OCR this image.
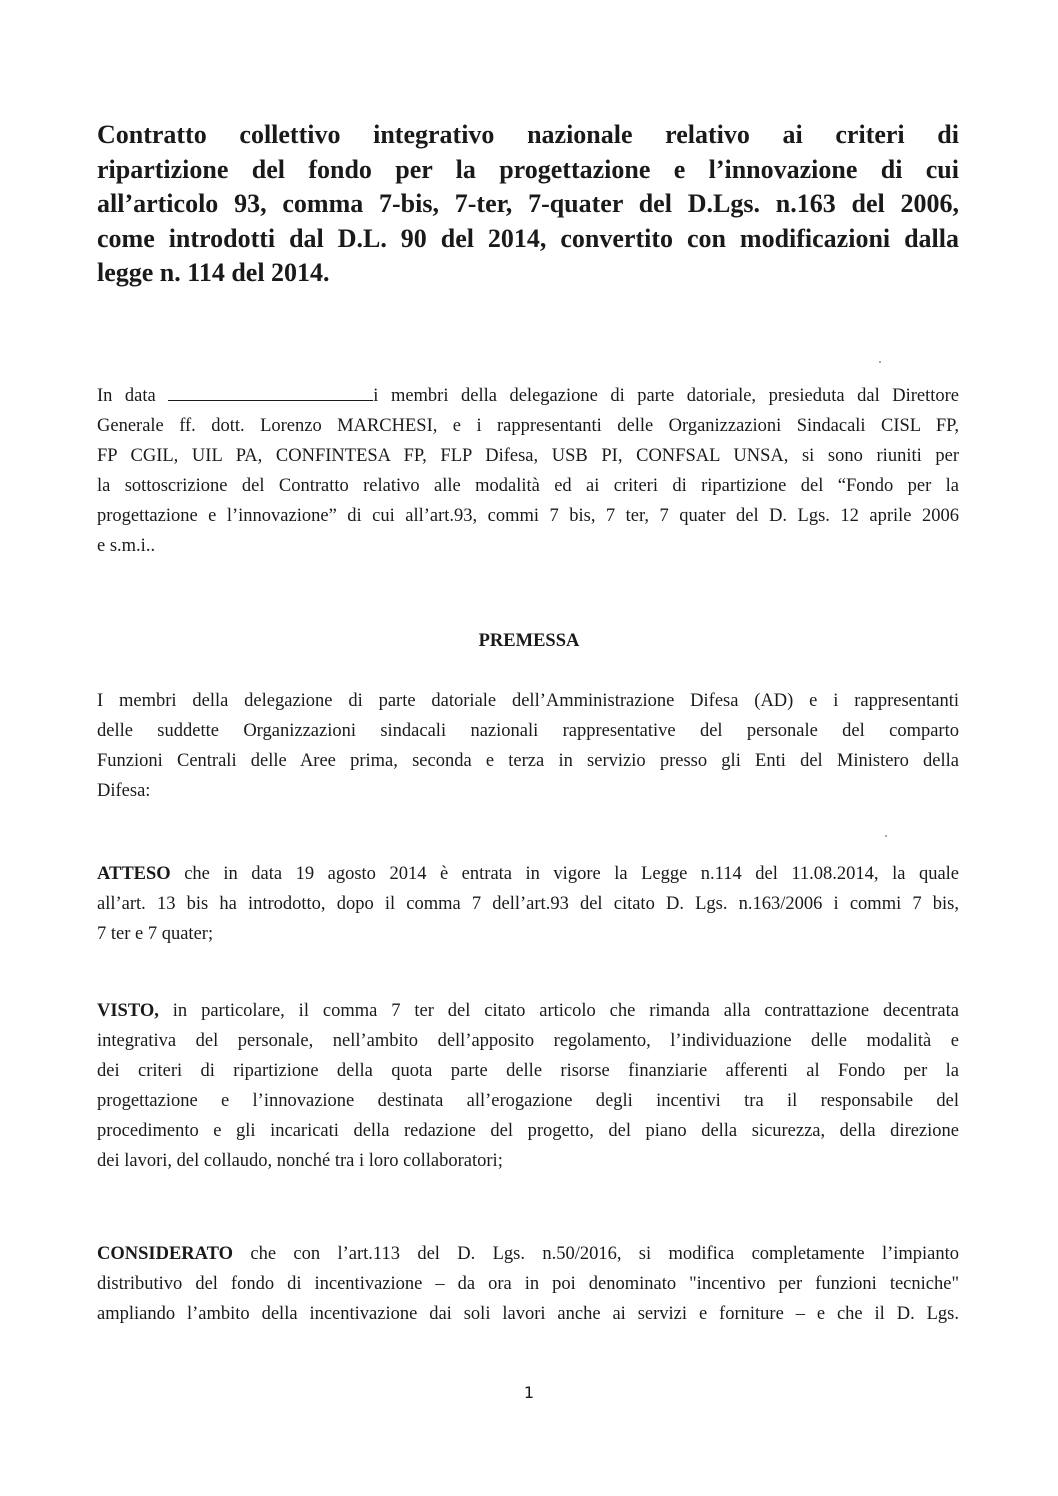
Contratto collettivo integrativo nazionale relativo ai criteri di
ripartizione del fondo per la progettazione e l’innovazione di cui
all’articolo 93, comma 7-bis, 7-ter, 7-quater del D.Lgs. n.163 del 2006,
come introdotti dal D.L. 90 del 2014, convertito con modificazioni dalla
legge n. 114 del 2014.
In data	i membri della delegazione di parte datoriale, presieduta dal Direttore
Generale ff. dott. Lorenzo MARCHESI, e i rappresentanti delle Organizzazioni Sindacali CISL FP,
FP CGIL, UIL PA, CONFINTESA FP, FLP Difesa, USB PI, CONFSAL UNSA, si sono riuniti per
la sottoscrizione del Contratto relativo alle modalità ed ai criteri di ripartizione del “Fondo per la
progettazione e l’innovazione” di cui all’art.93, commi 7 bis, 7 ter, 7 quater del D. Lgs. 12 aprile 2006
e s.m.i..
PREMESSA
I membri della delegazione di parte datoriale dell’Amministrazione Difesa (AD) e i rappresentanti
delle suddette Organizzazioni sindacali nazionali rappresentative del personale del comparto
Funzioni Centrali delle Aree prima, seconda e terza in servizio presso gli Enti del Ministero della
Difesa:
ATTESO che in data 19 agosto 2014 è entrata in vigore la Legge n.114 del 11.08.2014, la quale
all’art. 13 bis ha introdotto, dopo il comma 7 dell’art.93 del citato D. Lgs. n.163/2006 i commi 7 bis,
7 ter e 7 quater;
VISTO, in particolare, il comma 7 ter del citato articolo che rimanda alla contrattazione decentrata
integrativa del personale, nell’ambito dell’apposito regolamento, l’individuazione delle modalità e
dei criteri di ripartizione della quota parte delle risorse finanziarie afferenti al Fondo per la
progettazione e l’innovazione destinata all’erogazione degli incentivi tra il responsabile del
procedimento e gli incaricati della redazione del progetto, del piano della sicurezza, della direzione
dei lavori, del collaudo, nonché tra i loro collaboratori;
CONSIDERATO che con l’art.113 del D. Lgs. n.50/2016, si modifica completamente l’impianto
distributivo del fondo di incentivazione – da ora in poi denominato "incentivo per funzioni tecniche"
ampliando l’ambito della incentivazione dai soli lavori anche ai servizi e forniture – e che il D. Lgs.
1
